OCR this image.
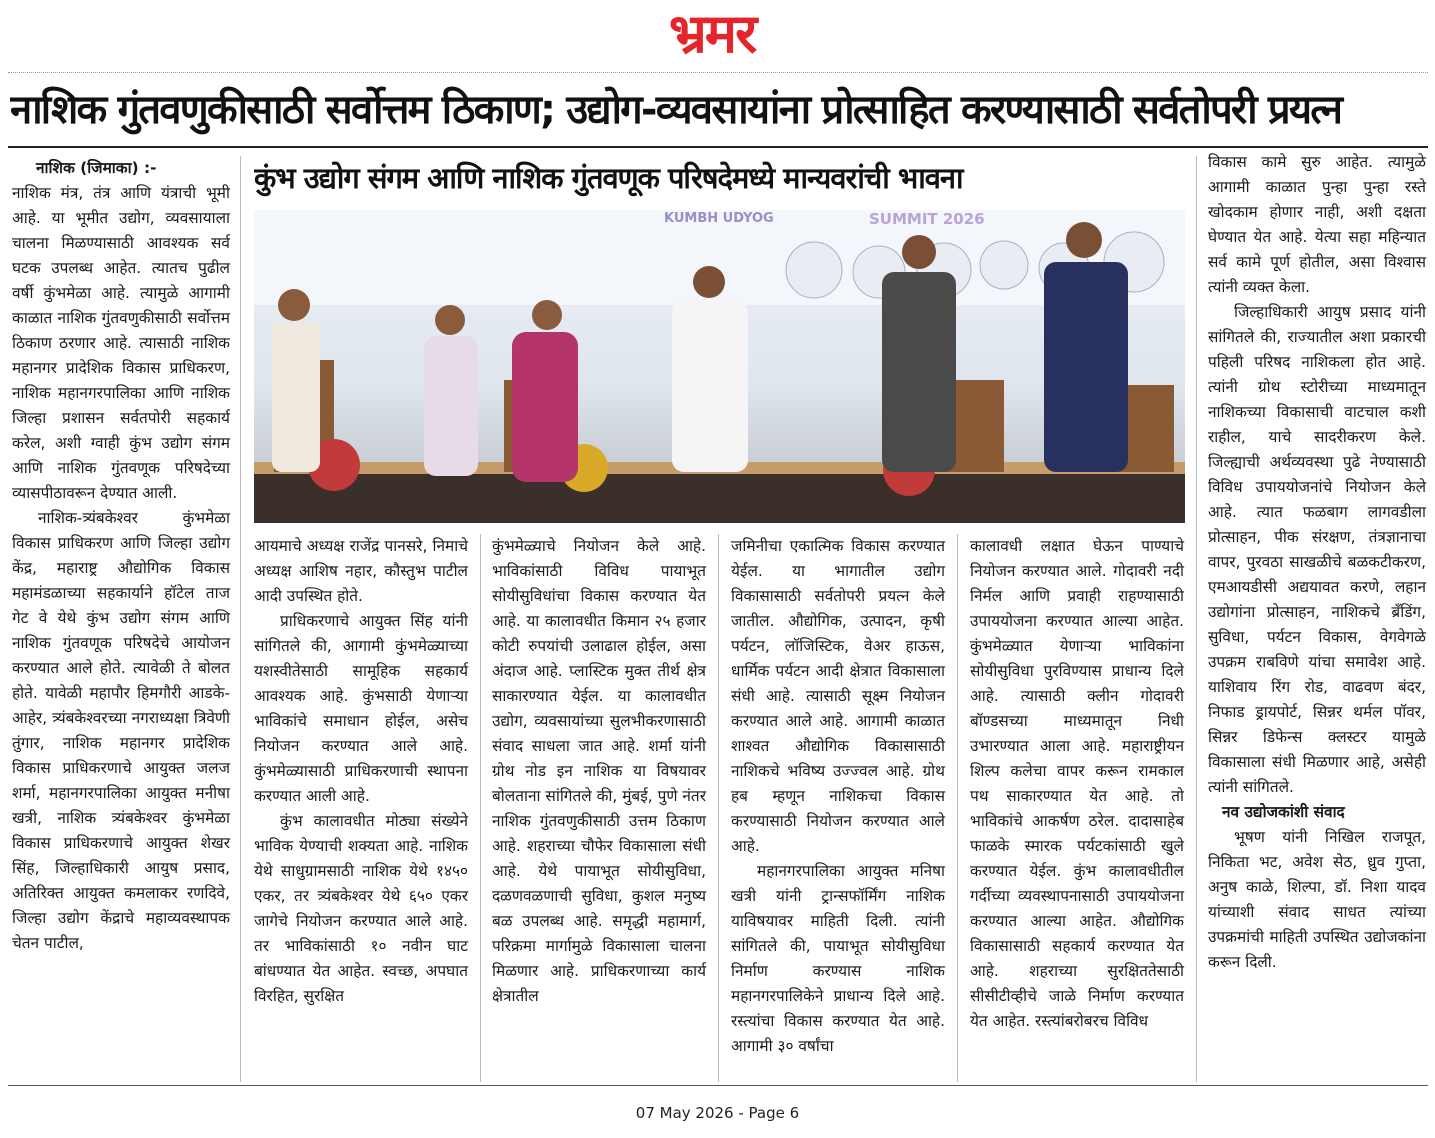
भ्रमर
नाशिक गुंतवणुकीसाठी सर्वोत्तम ठिकाण; उद्योग-व्यवसायांना प्रोत्साहित करण्यासाठी सर्वतोपरी प्रयत्न

नाशिक (जिमाका) :-
नाशिक मंत्र, तंत्र आणि यंत्राची भूमी आहे. या भूमीत उद्योग, व्यवसायाला चालना मिळण्यासाठी आवश्यक सर्व घटक उपलब्ध आहेत. त्यातच पुढील वर्षी कुंभमेळा आहे. त्यामुळे आगामी काळात नाशिक गुंतवणुकीसाठी सर्वोत्तम ठिकाण ठरणार आहे. त्यासाठी नाशिक महानगर प्रादेशिक विकास प्राधिकरण, नाशिक महानगरपालिका आणि नाशिक जिल्हा प्रशासन सर्वतपोरी सहकार्य करेल, अशी ग्वाही कुंभ उद्योग संगम आणि नाशिक गुंतवणूक परिषदेच्या व्यासपीठावरून देण्यात आली.

नाशिक-त्र्यंबकेश्वर कुंभमेळा विकास प्राधिकरण आणि जिल्हा उद्योग केंद्र, महाराष्ट्र औद्योगिक विकास महामंडळाच्या सहकार्याने हॉटेल ताज गेट वे येथे कुंभ उद्योग संगम आणि नाशिक गुंतवणूक परिषदेचे आयोजन करण्यात आले होते. त्यावेळी ते बोलत होते. यावेळी महापौर हिमगौरी आडके-आहेर, त्र्यंबकेश्वरच्या नगराध्यक्षा त्रिवेणी तुंगार, नाशिक महानगर प्रादेशिक विकास प्राधिकरणाचे आयुक्त जलज शर्मा, महानगरपालिका आयुक्त मनीषा खत्री, नाशिक त्र्यंबकेश्वर कुंभमेळा विकास प्राधिकरणाचे आयुक्त शेखर सिंह, जिल्हाधिकारी आयुष प्रसाद, अतिरिक्त आयुक्त कमलाकर रणदिवे, जिल्हा उद्योग केंद्राचे महाव्यवस्थापक चेतन पाटील,

कुंभ उद्योग संगम आणि नाशिक गुंतवणूक परिषदेमध्ये मान्यवरांची भावना
KUMBH UDYOG	SUMMIT 2026

आयमाचे अध्यक्ष राजेंद्र पानसरे, निमाचे अध्यक्ष आशिष नहार, कौस्तुभ पाटील आदी उपस्थित होते.

प्राधिकरणाचे आयुक्त सिंह यांनी सांगितले की, आगामी कुंभमेळ्याच्या यशस्वीतेसाठी सामूहिक सहकार्य आवश्यक आहे. कुंभसाठी येणाऱ्या भाविकांचे समाधान होईल, असेच नियोजन करण्यात आले आहे. कुंभमेळ्यासाठी प्राधिकरणाची स्थापना करण्यात आली आहे.

कुंभ कालावधीत मोठ्या संख्येने भाविक येण्याची शक्यता आहे. नाशिक येथे साधुग्रामसाठी नाशिक येथे १४५० एकर, तर त्र्यंबकेश्वर येथे ६५० एकर जागेचे नियोजन करण्यात आले आहे. तर भाविकांसाठी १० नवीन घाट बांधण्यात येत आहेत. स्वच्छ, अपघात विरहित, सुरक्षित

कुंभमेळ्याचे नियोजन केले आहे. भाविकांसाठी विविध पायाभूत सोयीसुविधांचा विकास करण्यात येत आहे. या कालावधीत किमान २५ हजार कोटी रुपयांची उलाढाल होईल, असा अंदाज आहे. प्लास्टिक मुक्त तीर्थ क्षेत्र साकारण्यात येईल. या कालावधीत उद्योग, व्यवसायांच्या सुलभीकरणासाठी संवाद साधला जात आहे. शर्मा यांनी ग्रोथ नोड इन नाशिक या विषयावर बोलताना सांगितले की, मुंबई, पुणे नंतर नाशिक गुंतवणुकीसाठी उत्तम ठिकाण आहे. शहराच्या चौफेर विकासाला संधी आहे. येथे पायाभूत सोयीसुविधा, दळणवळणाची सुविधा, कुशल मनुष्य बळ उपलब्ध आहे. समृद्धी महामार्ग, परिक्रमा मार्गामुळे विकासाला चालना मिळणार आहे. प्राधिकरणाच्या कार्य क्षेत्रातील

जमिनीचा एकात्मिक विकास करण्यात येईल. या भागातील उद्योग विकासासाठी सर्वतोपरी प्रयत्न केले जातील. औद्योगिक, उत्पादन, कृषी पर्यटन, लॉजिस्टिक, वेअर हाऊस, धार्मिक पर्यटन आदी क्षेत्रात विकासाला संधी आहे. त्यासाठी सूक्ष्म नियोजन करण्यात आले आहे. आगामी काळात शाश्वत औद्योगिक विकासासाठी नाशिकचे भविष्य उज्ज्वल आहे. ग्रोथ हब म्हणून नाशिकचा विकास करण्यासाठी नियोजन करण्यात आले आहे.

महानगरपालिका आयुक्त मनिषा खत्री यांनी ट्रान्सफॉर्मिंग नाशिक याविषयावर माहिती दिली. त्यांनी सांगितले की, पायाभूत सोयीसुविधा निर्माण करण्यास नाशिक महानगरपालिकेने प्राधान्य दिले आहे. रस्त्यांचा विकास करण्यात येत आहे. आगामी ३० वर्षांचा

कालावधी लक्षात घेऊन पाण्याचे नियोजन करण्यात आले. गोदावरी नदी निर्मल आणि प्रवाही राहण्यासाठी उपाययोजना करण्यात आल्या आहेत. कुंभमेळ्यात येणाऱ्या भाविकांना सोयीसुविधा पुरविण्यास प्राधान्य दिले आहे. त्यासाठी क्लीन गोदावरी बॉण्डसच्या माध्यमातून निधी उभारण्यात आला आहे. महाराष्ट्रीयन शिल्प कलेचा वापर करून रामकाल पथ साकारण्यात येत आहे. तो भाविकांचे आकर्षण ठरेल. दादासाहेब फाळके स्मारक पर्यटकांसाठी खुले करण्यात येईल. कुंभ कालावधीतील गर्दीच्या व्यवस्थापनासाठी उपाययोजना करण्यात आल्या आहेत. औद्योगिक विकासासाठी सहकार्य करण्यात येत आहे. शहराच्या सुरक्षिततेसाठी सीसीटीव्हीचे जाळे निर्माण करण्यात येत आहेत. रस्त्यांबरोबरच विविध

विकास कामे सुरु आहेत. त्यामुळे आगामी काळात पुन्हा पुन्हा रस्ते खोदकाम होणार नाही, अशी दक्षता घेण्यात येत आहे. येत्या सहा महिन्यात सर्व कामे पूर्ण होतील, असा विश्वास त्यांनी व्यक्त केला.

जिल्हाधिकारी आयुष प्रसाद यांनी सांगितले की, राज्यातील अशा प्रकारची पहिली परिषद नाशिकला होत आहे. त्यांनी ग्रोथ स्टोरीच्या माध्यमातून नाशिकच्या विकासाची वाटचाल कशी राहील, याचे सादरीकरण केले. जिल्ह्याची अर्थव्यवस्था पुढे नेण्यासाठी विविध उपाययोजनांचे नियोजन केले आहे. त्यात फळबाग लागवडीला प्रोत्साहन, पीक संरक्षण, तंत्रज्ञानाचा वापर, पुरवठा साखळीचे बळकटीकरण, एमआयडीसी अद्ययावत करणे, लहान उद्योगांना प्रोत्साहन, नाशिकचे ब्रँडिंग, सुविधा, पर्यटन विकास, वेगवेगळे उपक्रम राबविणे यांचा समावेश आहे. याशिवाय रिंग रोड, वाढवण बंदर, निफाड ड्रायपोर्ट, सिन्नर थर्मल पॉवर, सिन्नर डिफेन्स क्लस्टर यामुळे विकासाला संधी मिळणार आहे, असेही त्यांनी सांगितले.

नव उद्योजकांशी संवाद

भूषण यांनी निखिल राजपूत, निकिता भट, अवेश सेठ, ध्रुव गुप्ता, अनुष काळे, शिल्पा, डॉ. निशा यादव यांच्याशी संवाद साधत त्यांच्या उपक्रमांची माहिती उपस्थित उद्योजकांना करून दिली.

07 May 2026 - Page 6
